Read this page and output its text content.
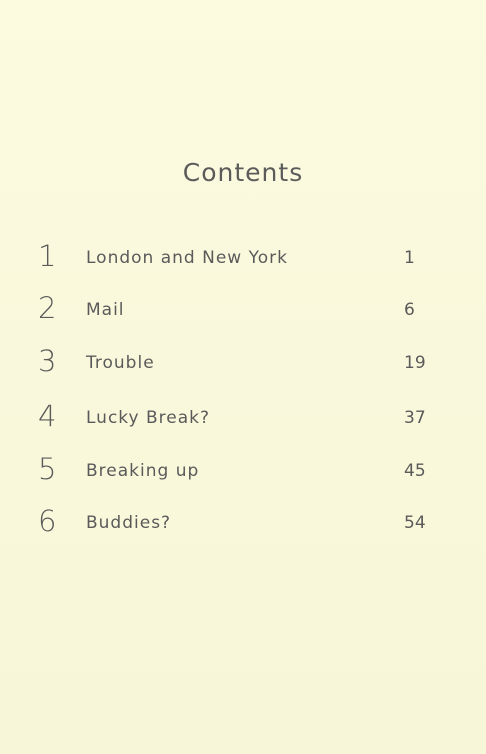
Contents
1 London and New York	1
2 Mail	6
3 Trouble	19
4 Lucky Break?	37
5 Breaking up	45
6 Buddies?	54
